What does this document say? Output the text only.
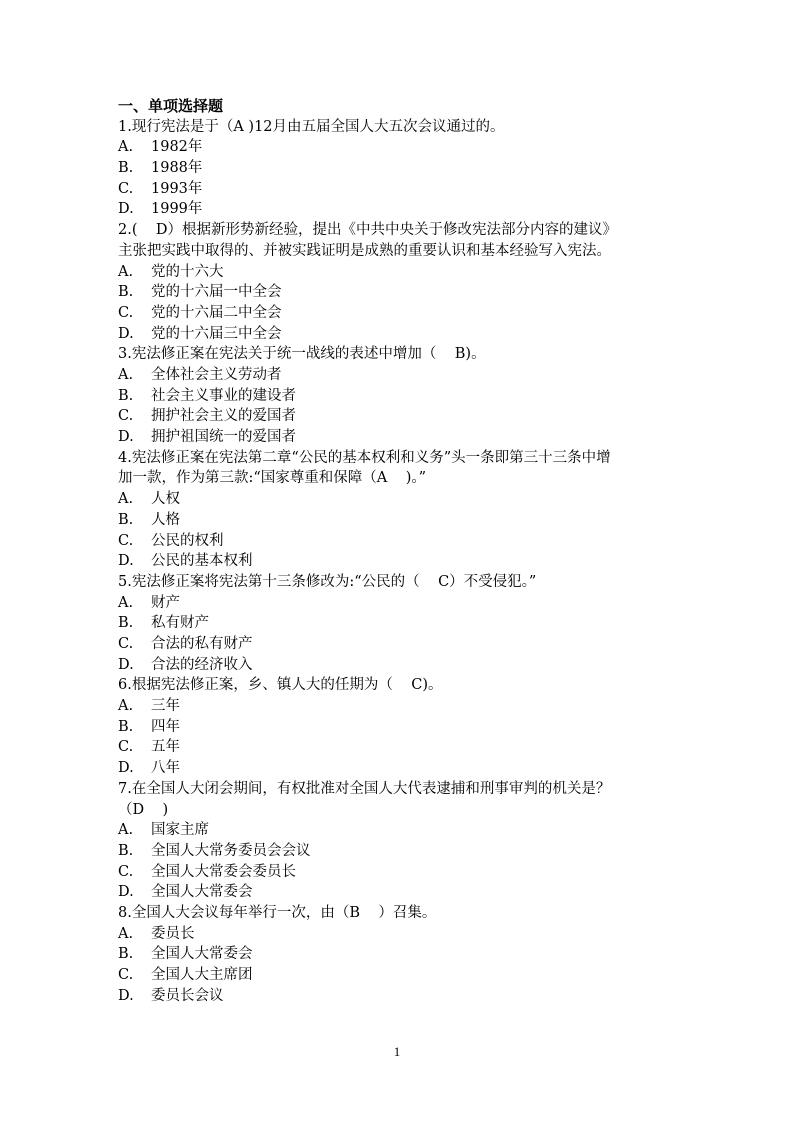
一、单项选择题
1.现行宪法是于（A )12月由五届全国人大五次会议通过的。
A. 1982年
B. 1988年
C. 1993年
D. 1999年
2.(    D）根据新形势新经验，提出《中共中央关于修改宪法部分内容的建议》
主张把实践中取得的、并被实践证明是成熟的重要认识和基本经验写入宪法。
A. 党的十六大
B. 党的十六届一中全会
C. 党的十六届二中全会
D. 党的十六届三中全会
3.宪法修正案在宪法关于统一战线的表述中增加（    B)。
A. 全体社会主义劳动者
B. 社会主义事业的建设者
C. 拥护社会主义的爱国者
D. 拥护祖国统一的爱国者
4.宪法修正案在宪法第二章“公民的基本权利和义务”头一条即第三十三条中增
加一款，作为第三款:“国家尊重和保障（A    )。”
A. 人权
B. 人格
C. 公民的权利
D. 公民的基本权利
5.宪法修正案将宪法第十三条修改为:“公民的（    C）不受侵犯。”
A. 财产
B. 私有财产
C. 合法的私有财产
D. 合法的经济收入
6.根据宪法修正案，乡、镇人大的任期为（    C)。
A. 三年
B. 四年
C. 五年
D. 八年
7.在全国人大闭会期间，有权批准对全国人大代表逮捕和刑事审判的机关是？
（D    )
A. 国家主席
B. 全国人大常务委员会会议
C. 全国人大常委会委员长
D. 全国人大常委会
8.全国人大会议每年举行一次，由（B    ）召集。
A. 委员长
B. 全国人大常委会
C. 全国人大主席团
D. 委员长会议
1
